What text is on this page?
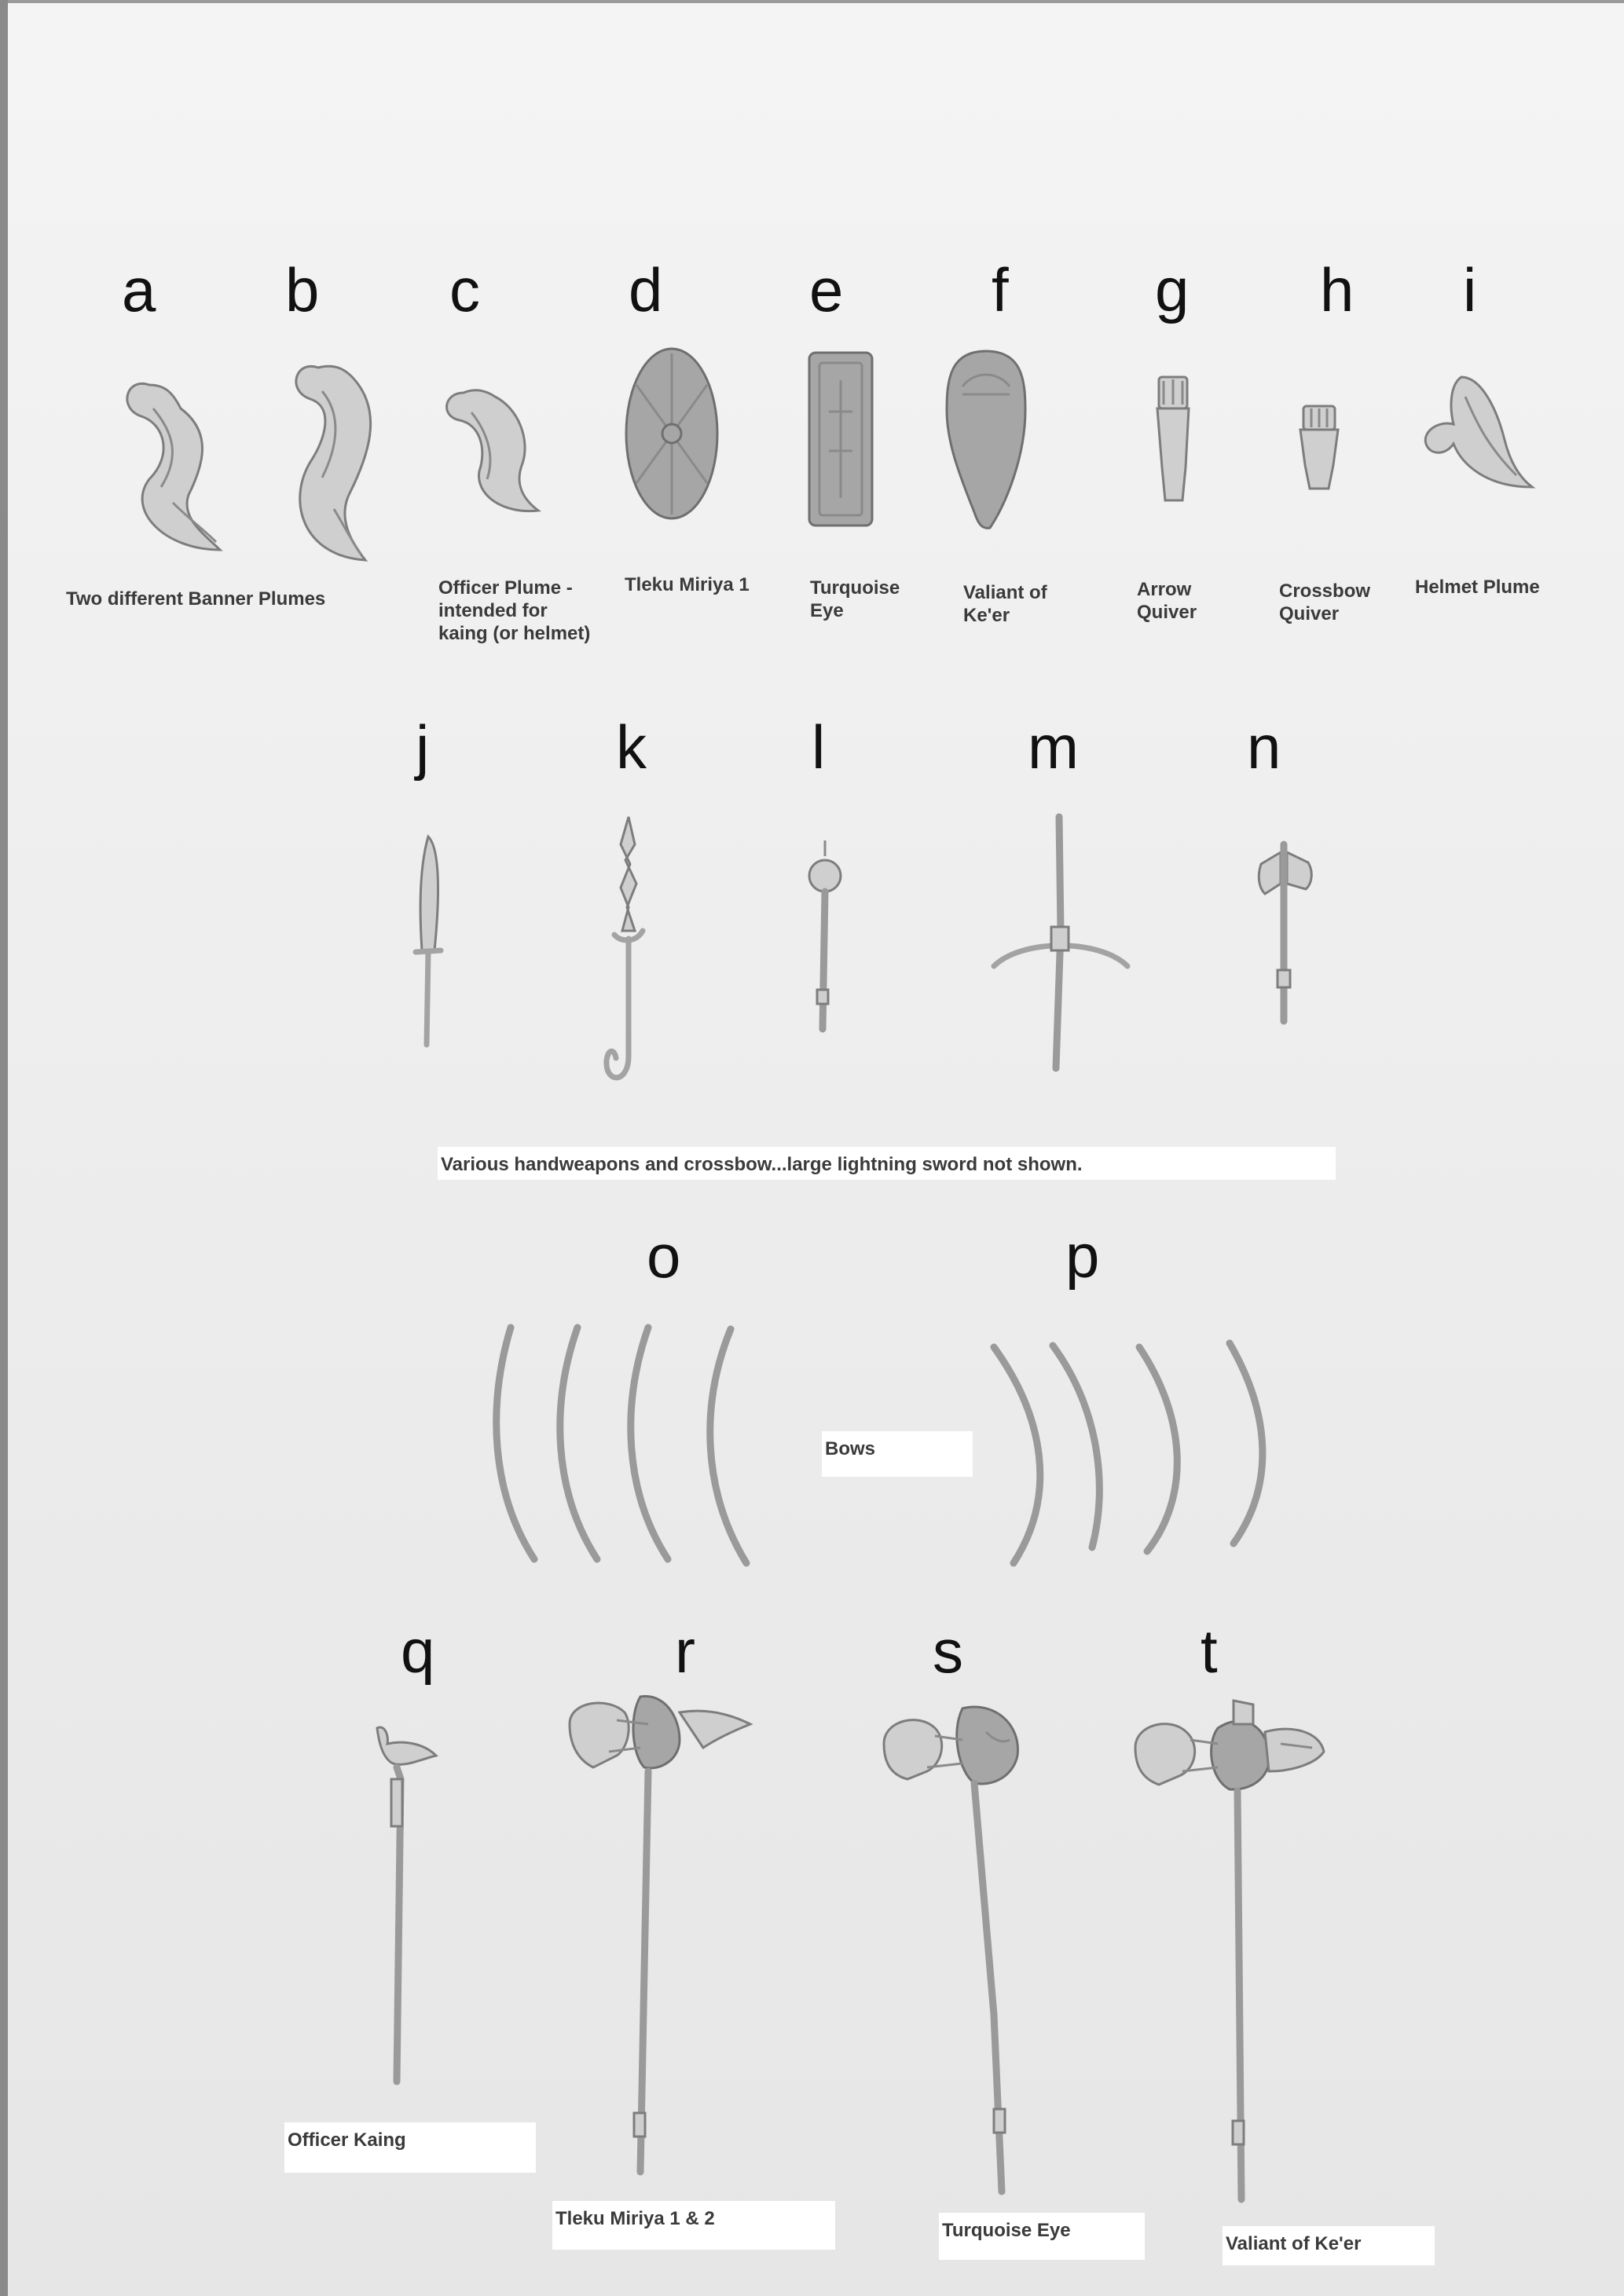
a b c d e f g h i
Two different Banner Plumes
Officer Plume -
intended for
kaing (or helmet)
Tleku Miriya 1	Turquoise
Eye
Valiant of
Ke'er
Arrow
Quiver
Crossbow
Quiver
Helmet Plume
j	k	l	m	n
Various handweapons and crossbow...large lightning sword not shown.
o	p
Bows
q	r	s	t
Officer Kaing
Tleku Miriya 1 & 2
Turquoise Eye
Valiant of Ke'er
